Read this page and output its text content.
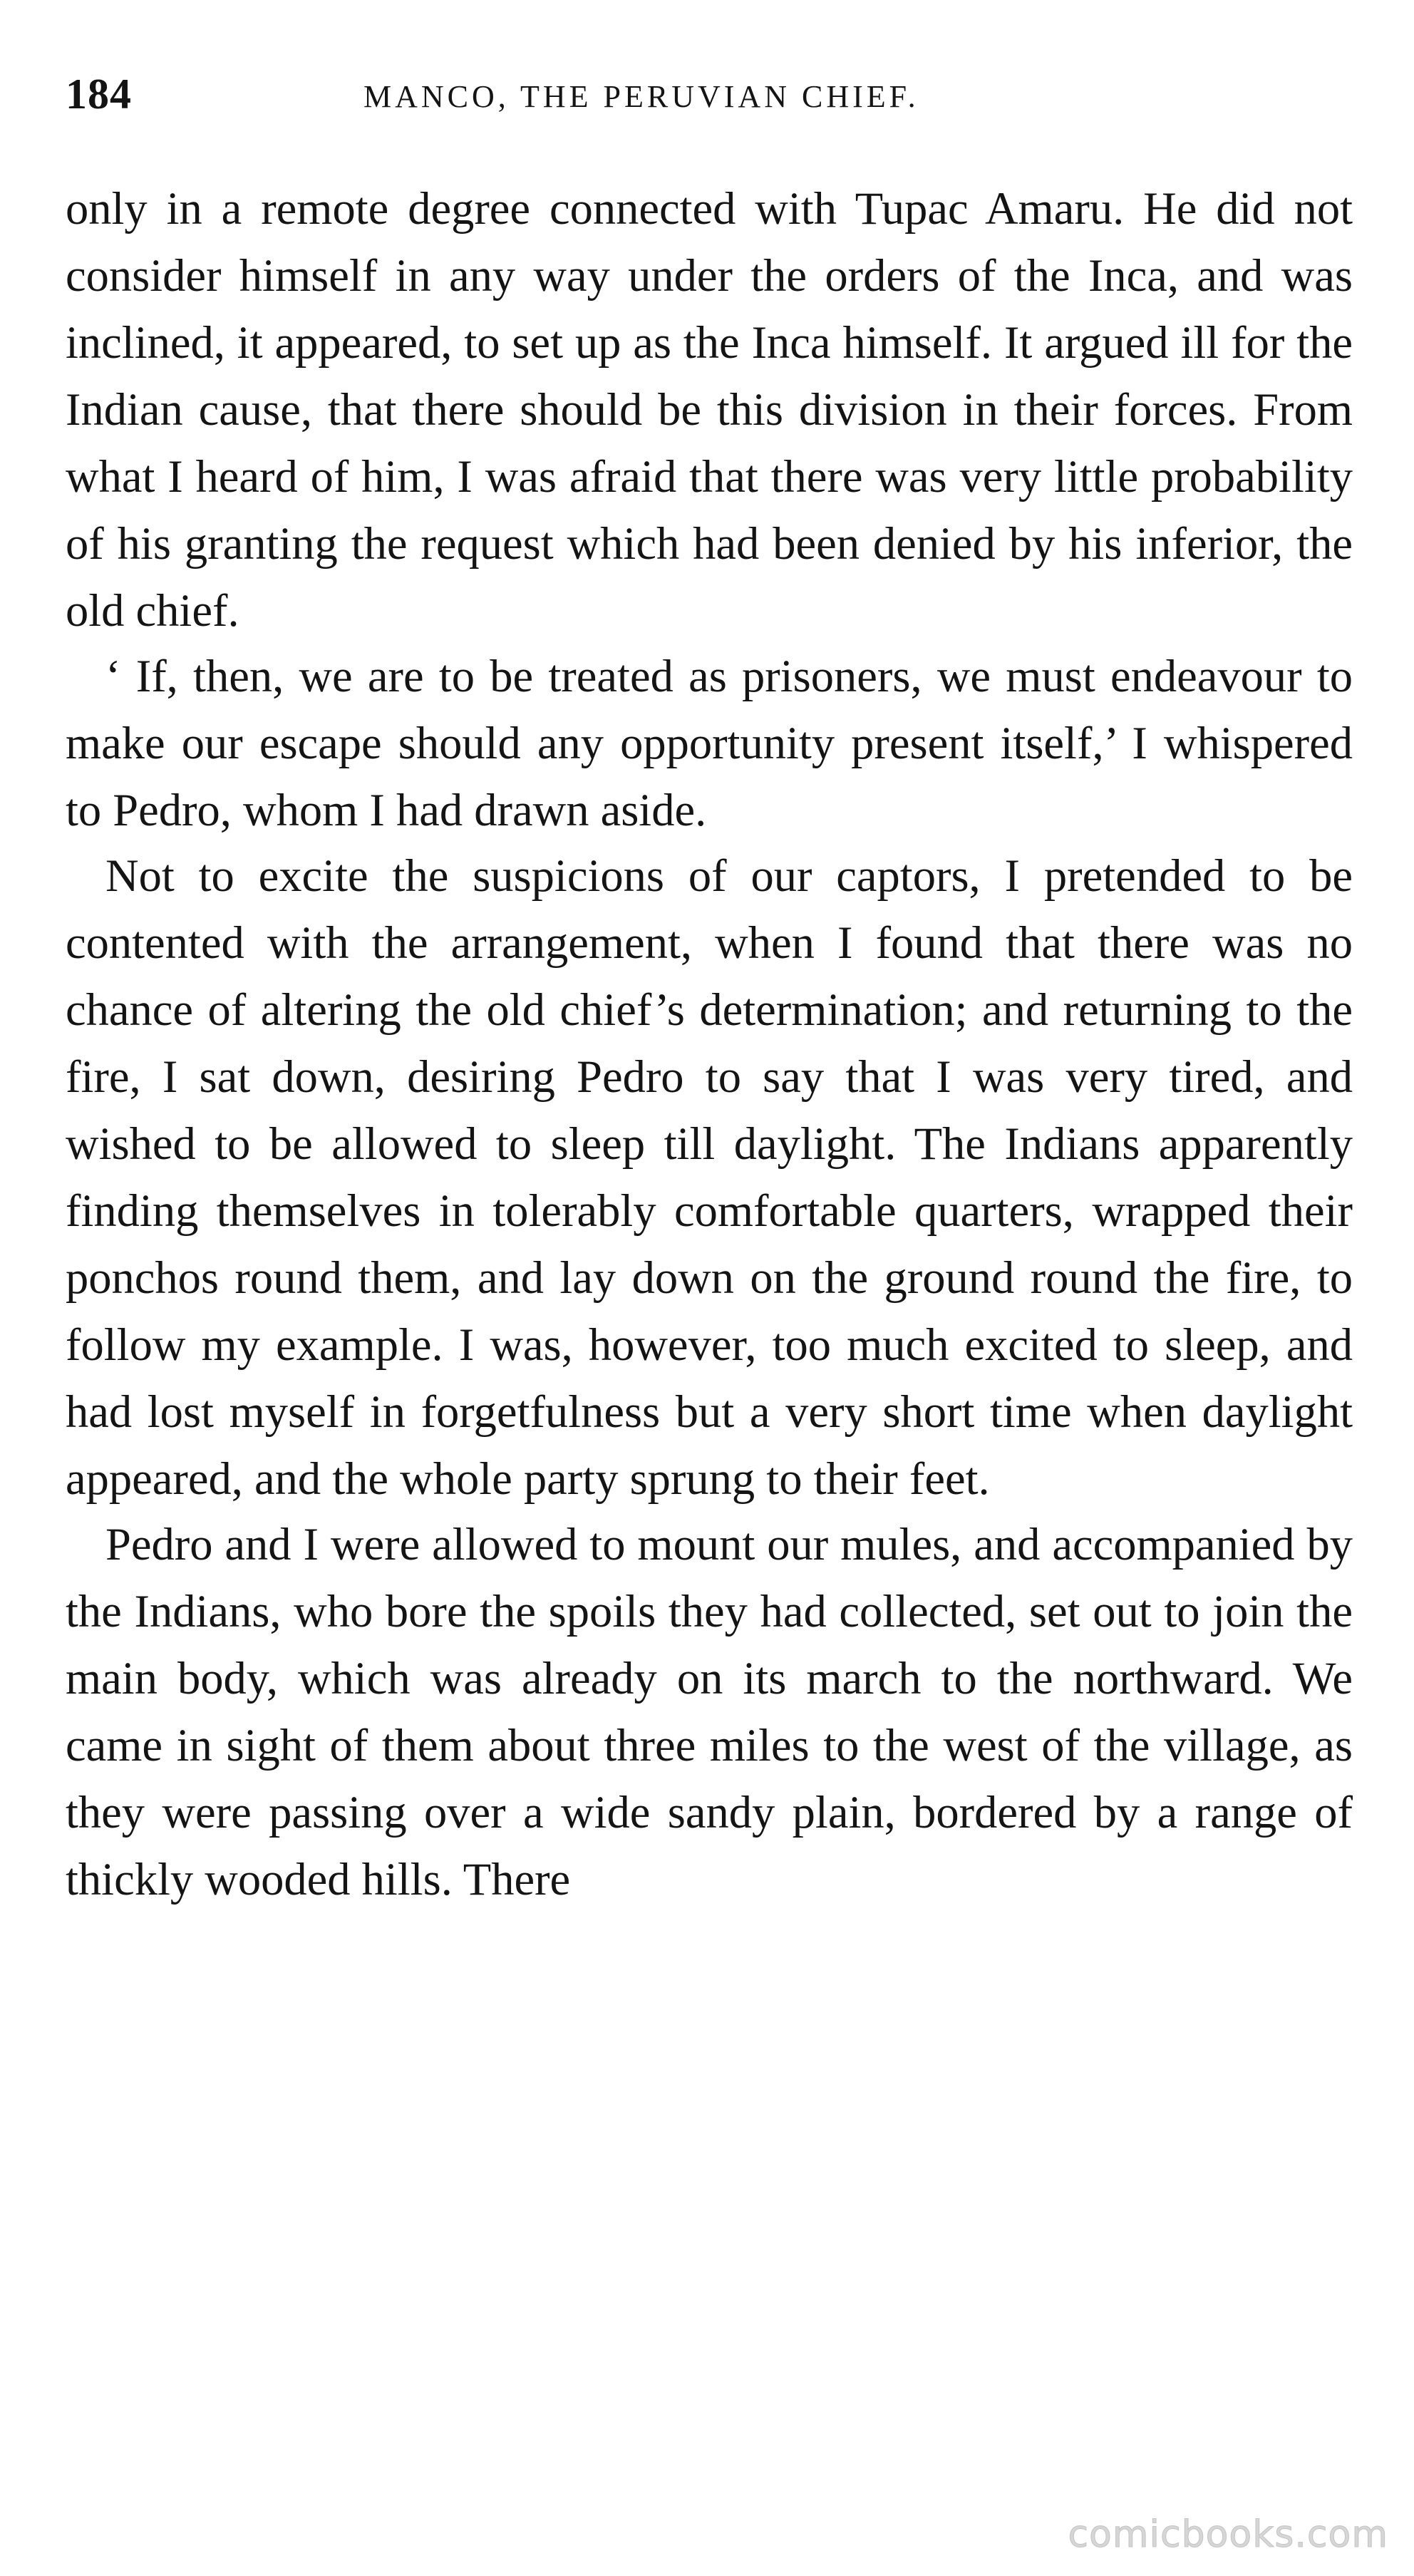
184	MANCO, THE PERUVIAN CHIEF.

only in a remote degree connected with Tupac Amaru. He did not consider himself in any way under the orders of the Inca, and was inclined, it appeared, to set up as the Inca himself. It argued ill for the Indian cause, that there should be this division in their forces. From what I heard of him, I was afraid that there was very little probability of his granting the request which had been denied by his inferior, the old chief.

‘ If, then, we are to be treated as prisoners, we must endeavour to make our escape should any opportunity present itself,’ I whispered to Pedro, whom I had drawn aside.

Not to excite the suspicions of our captors, I pretended to be contented with the arrangement, when I found that there was no chance of altering the old chief’s determination; and returning to the fire, I sat down, desiring Pedro to say that I was very tired, and wished to be allowed to sleep till daylight. The Indians apparently finding themselves in tolerably comfortable quarters, wrapped their ponchos round them, and lay down on the ground round the fire, to follow my example. I was, however, too much excited to sleep, and had lost myself in forgetfulness but a very short time when daylight appeared, and the whole party sprung to their feet.

Pedro and I were allowed to mount our mules, and accompanied by the Indians, who bore the spoils they had collected, set out to join the main body, which was already on its march to the northward. We came in sight of them about three miles to the west of the village, as they were passing over a wide sandy plain, bordered by a range of thickly wooded hills. There

comicbooks.com
